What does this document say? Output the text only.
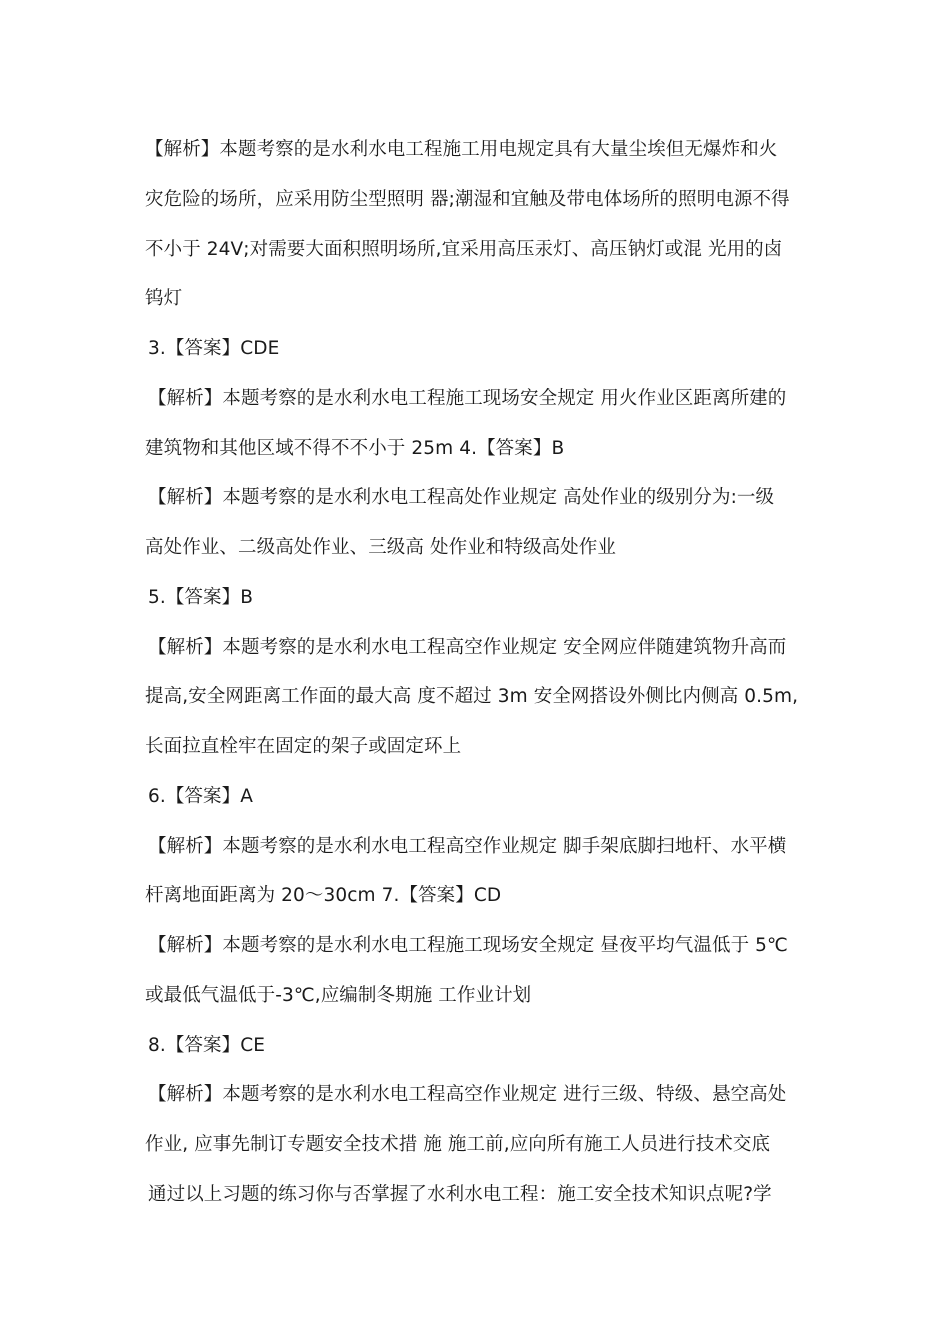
【解析】本题考察的是水利水电工程施工用电规定具有大量尘埃但无爆炸和火
灾危险的场所，应采用防尘型照明 器;潮湿和宜触及带电体场所的照明电源不得
不小于 24V;对需要大面积照明场所,宜采用高压汞灯、高压钠灯或混 光用的卤
钨灯
3.【答案】CDE
【解析】本题考察的是水利水电工程施工现场安全规定 用火作业区距离所建的
建筑物和其他区域不得不不小于 25m 4.【答案】B
【解析】本题考察的是水利水电工程高处作业规定 高处作业的级别分为:一级
高处作业、二级高处作业、三级高 处作业和特级高处作业
5.【答案】B
【解析】本题考察的是水利水电工程高空作业规定 安全网应伴随建筑物升高而
提高,安全网距离工作面的最大高 度不超过 3m 安全网搭设外侧比内侧高 0.5m,
长面拉直栓牢在固定的架子或固定环上
6.【答案】A
【解析】本题考察的是水利水电工程高空作业规定 脚手架底脚扫地杆、水平横
杆离地面距离为 20～30cm 7.【答案】CD
【解析】本题考察的是水利水电工程施工现场安全规定 昼夜平均气温低于 5℃
或最低气温低于-3℃,应编制冬期施 工作业计划
8.【答案】CE
【解析】本题考察的是水利水电工程高空作业规定 进行三级、特级、悬空高处
作业, 应事先制订专题安全技术措 施 施工前,应向所有施工人员进行技术交底
通过以上习题的练习你与否掌握了水利水电工程：施工安全技术知识点呢?学
